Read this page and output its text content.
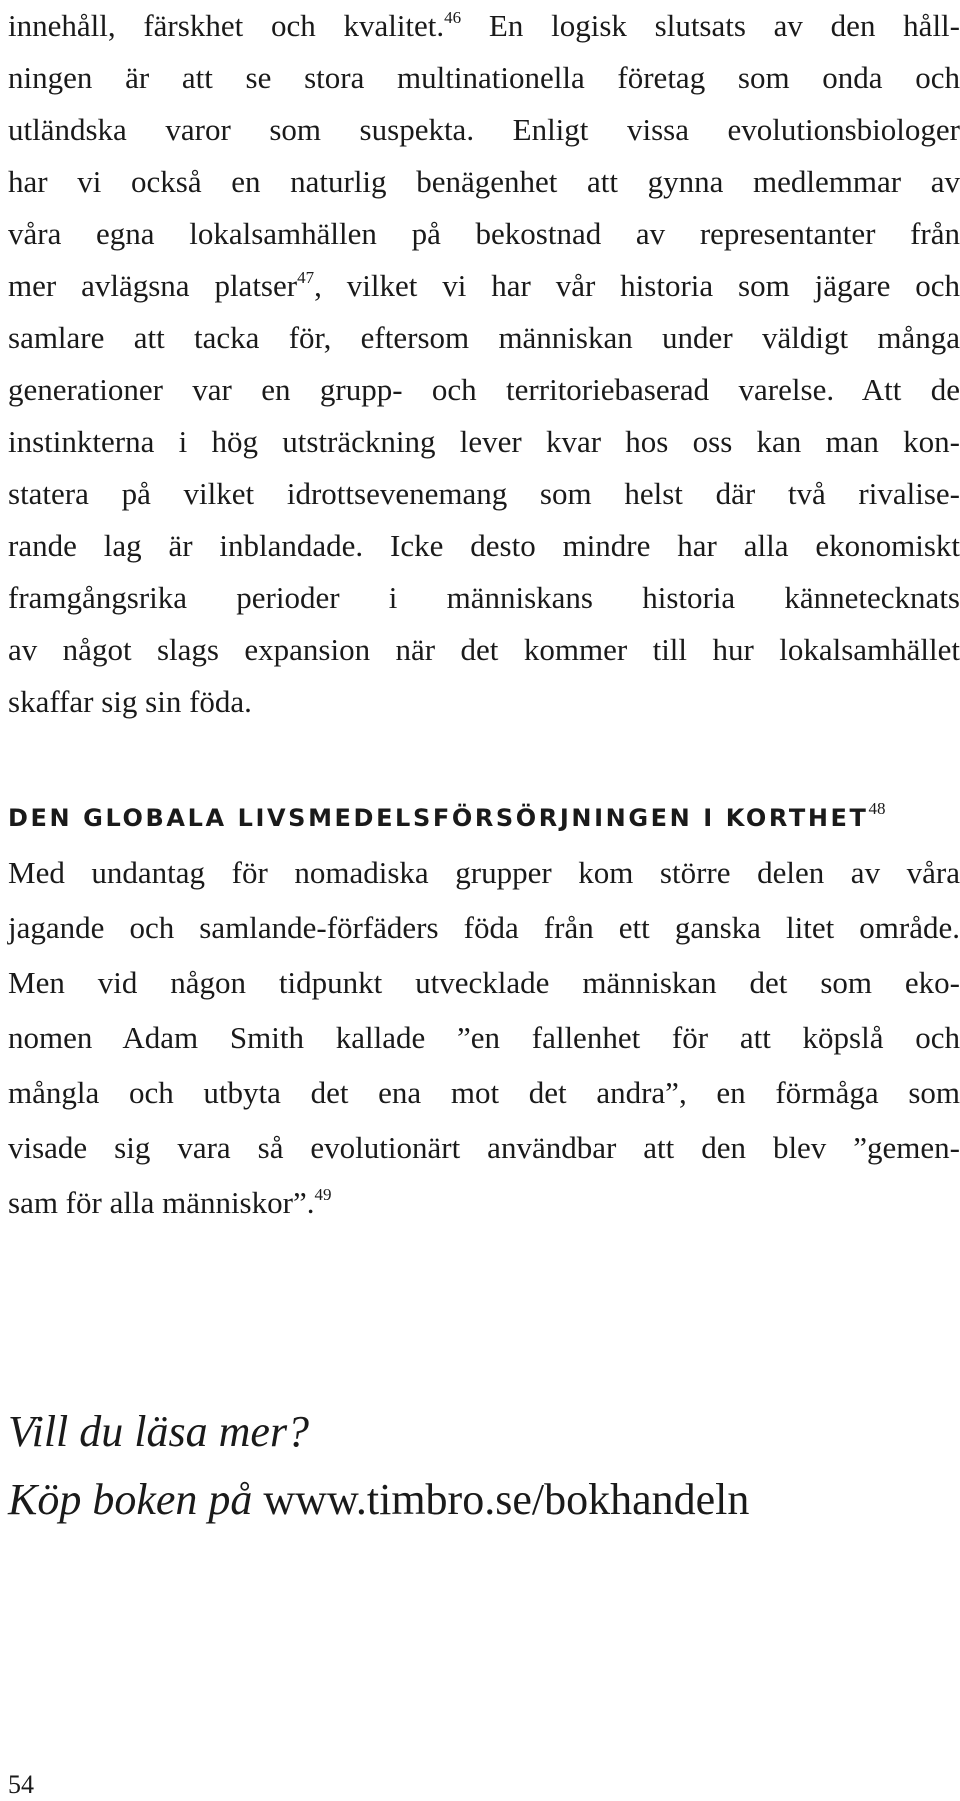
innehåll, färskhet och kvalitet.$^{46}$ En logisk slutsats av den håll-
ningen är att se stora multinationella företag som onda och
utländska varor som suspekta. Enligt vissa evolutionsbiologer
har vi också en naturlig benägenhet att gynna medlemmar av
våra egna lokalsamhällen på bekostnad av representanter från
mer avlägsna platser$^{47}$, vilket vi har vår historia som jägare och
samlare att tacka för, eftersom människan under väldigt många
generationer var en grupp- och territoriebaserad varelse. Att de
instinkterna i hög utsträckning lever kvar hos oss kan man kon-
statera på vilket idrottsevenemang som helst där två rivalise-
rande lag är inblandade. Icke desto mindre har alla ekonomiskt
framgångsrika perioder i människans historia kännetecknats
av något slags expansion när det kommer till hur lokalsamhället
skaffar sig sin föda.
DEN GLOBALA LIVSMEDELSFÖRSÖRJNINGEN I KORTHET$^{48}$
Med undantag för nomadiska grupper kom större delen av våra
jagande och samlande-förfäders föda från ett ganska litet område.
Men vid någon tidpunkt utvecklade människan det som eko-
nomen Adam Smith kallade ”en fallenhet för att köpslå och
mångla och utbyta det ena mot det andra”, en förmåga som
visade sig vara så evolutionärt användbar att den blev ”gemen-
sam för alla människor”.$^{49}$
Vill du läsa mer?
Köp boken på www.timbro.se/bokhandeln
54
